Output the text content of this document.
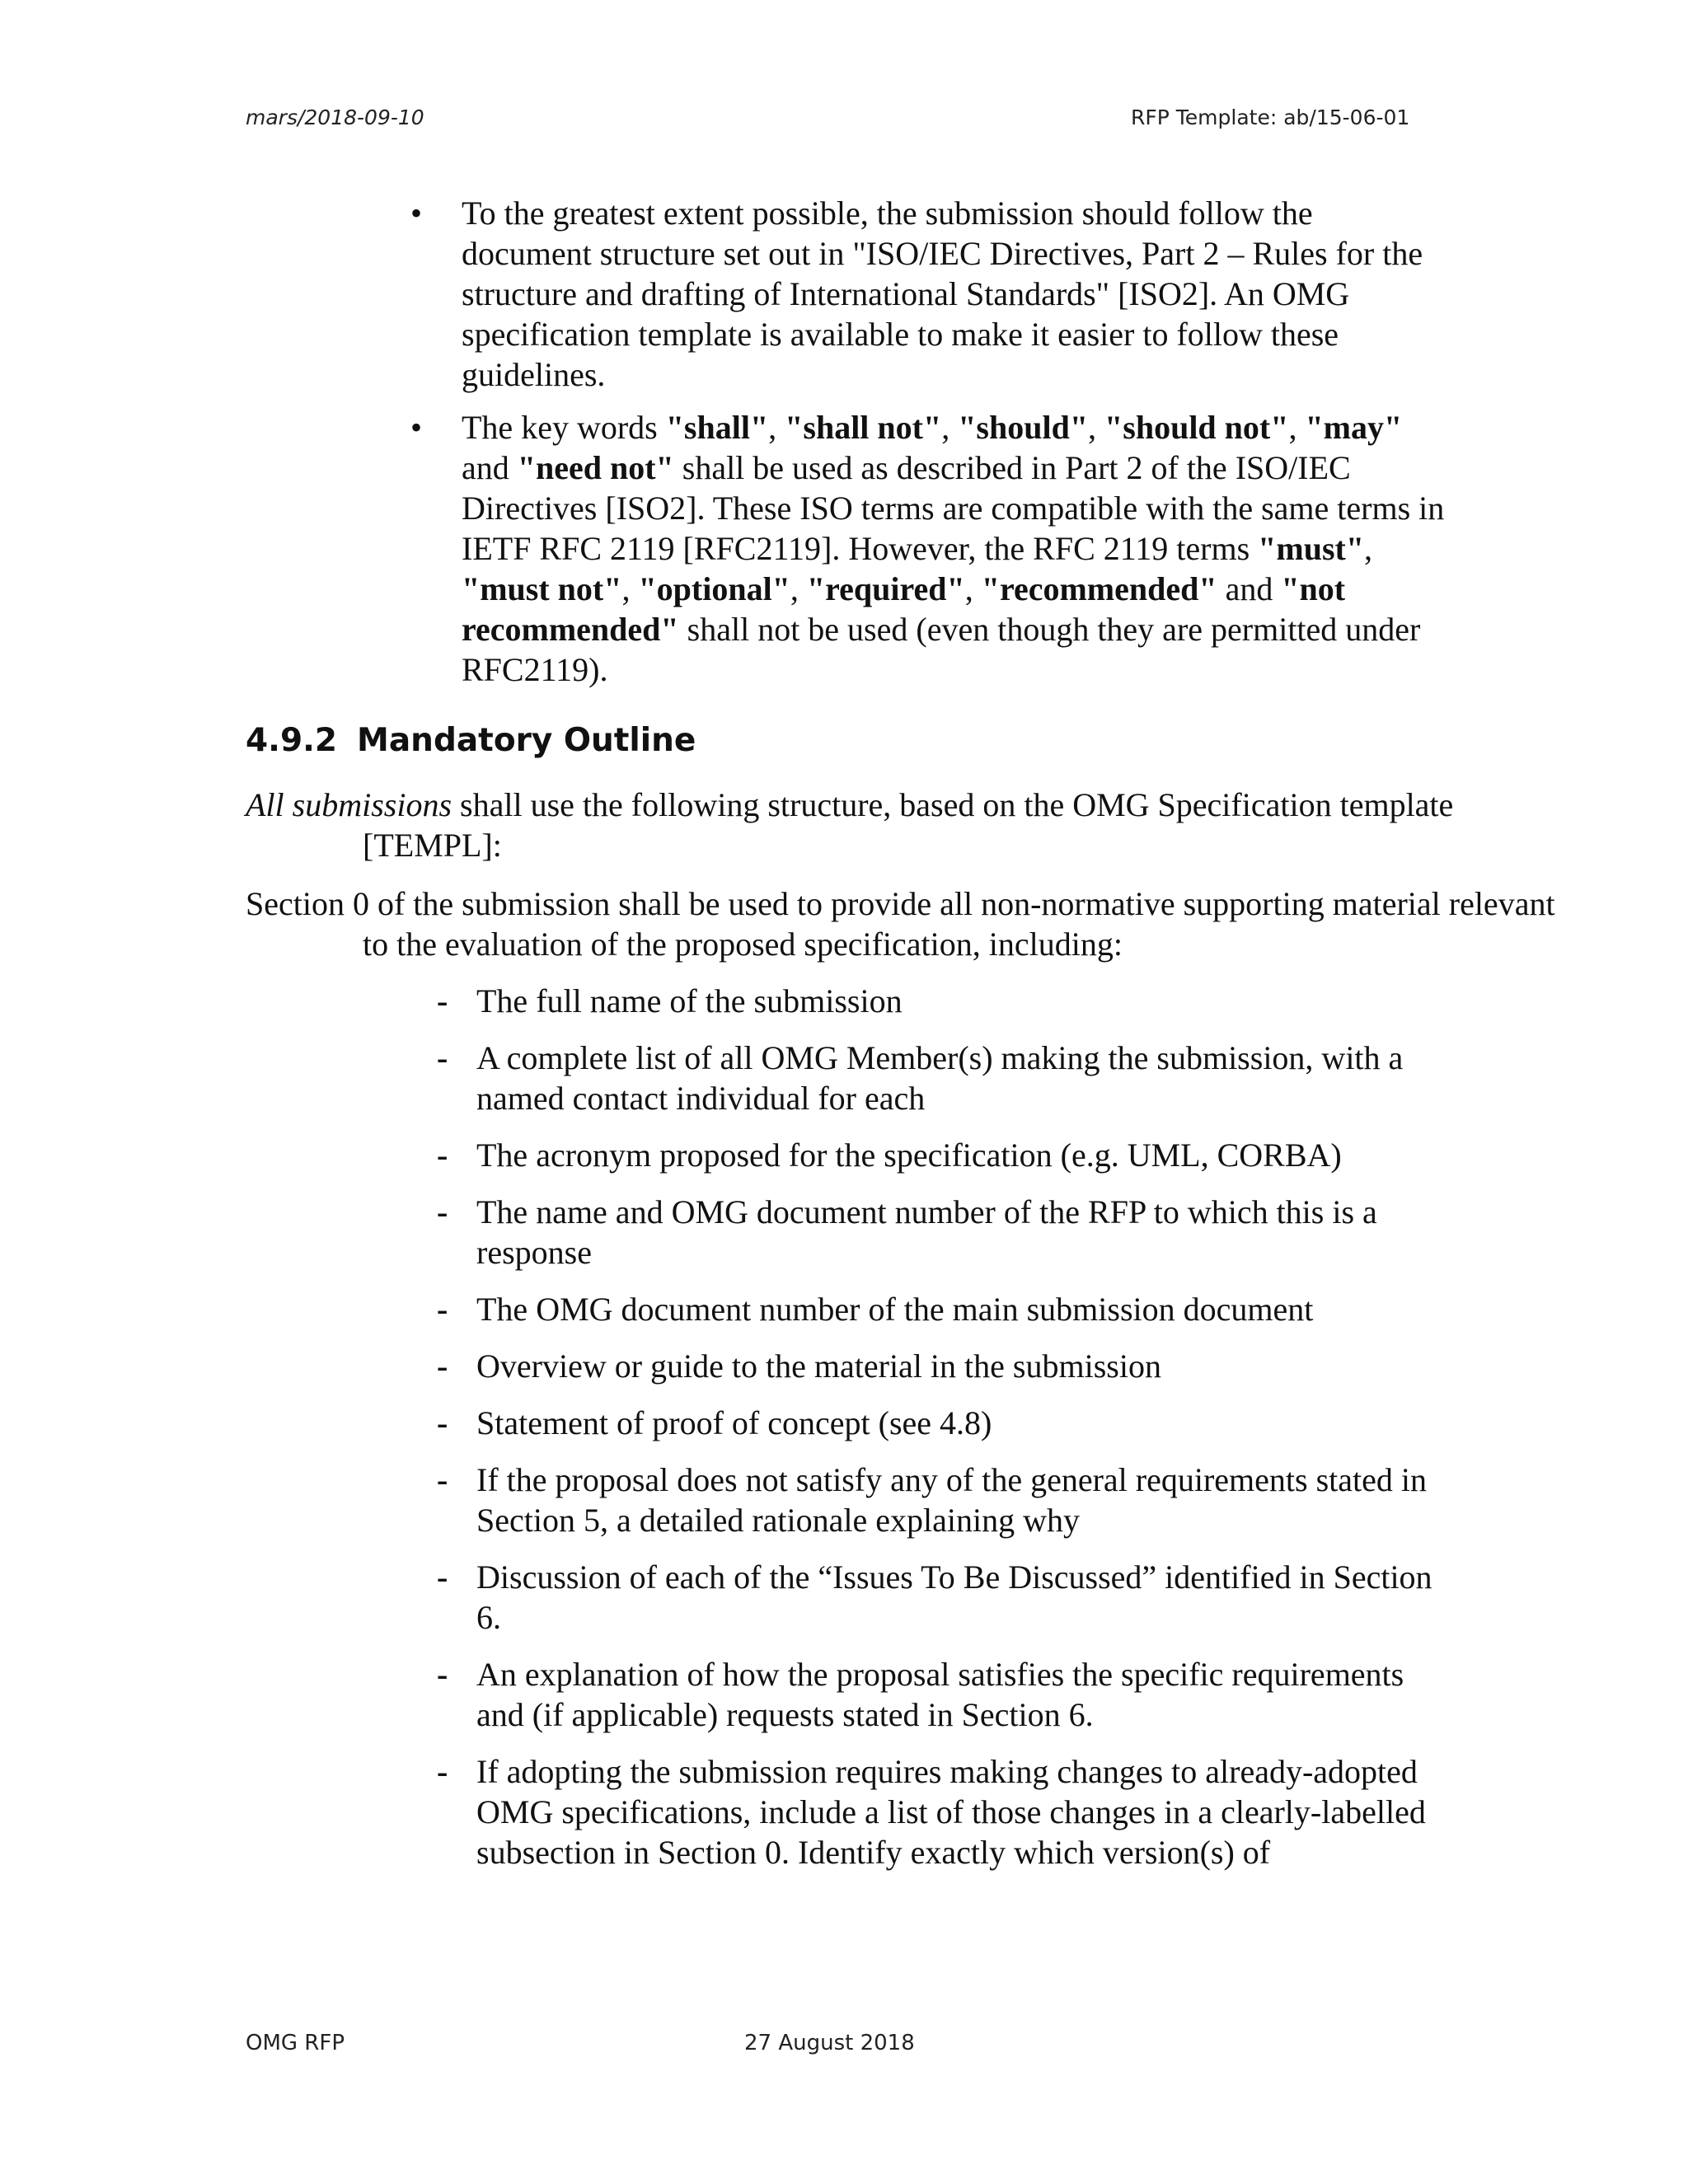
mars/2018-09-10	RFP Template: ab/15-06-01
• To the greatest extent possible, the submission should follow the document structure set out in "ISO/IEC Directives, Part 2 – Rules for the structure and drafting of International Standards" [ISO2]. An OMG specification template is available to make it easier to follow these guidelines.
• The key words "shall", "shall not", "should", "should not", "may" and "need not" shall be used as described in Part 2 of the ISO/IEC Directives [ISO2]. These ISO terms are compatible with the same terms in IETF RFC 2119 [RFC2119]. However, the RFC 2119 terms "must", "must not", "optional", "required", "recommended" and "not recommended" shall not be used (even though they are permitted under RFC2119).
4.9.2 Mandatory Outline

All submissions shall use the following structure, based on the OMG Specification template [TEMPL]:

Section 0 of the submission shall be used to provide all non-normative supporting material relevant to the evaluation of the proposed specification, including:

- The full name of the submission
- A complete list of all OMG Member(s) making the submission, with a named contact individual for each
- The acronym proposed for the specification (e.g. UML, CORBA)
- The name and OMG document number of the RFP to which this is a response
- The OMG document number of the main submission document
- Overview or guide to the material in the submission
- Statement of proof of concept (see 4.8)
- If the proposal does not satisfy any of the general requirements stated in Section 5, a detailed rationale explaining why
- Discussion of each of the “Issues To Be Discussed” identified in Section 6.
- An explanation of how the proposal satisfies the specific requirements and (if applicable) requests stated in Section 6.
- If adopting the submission requires making changes to already-adopted OMG specifications, include a list of those changes in a clearly-labelled subsection in Section 0. Identify exactly which version(s) of
OMG RFP	27 August 2018
